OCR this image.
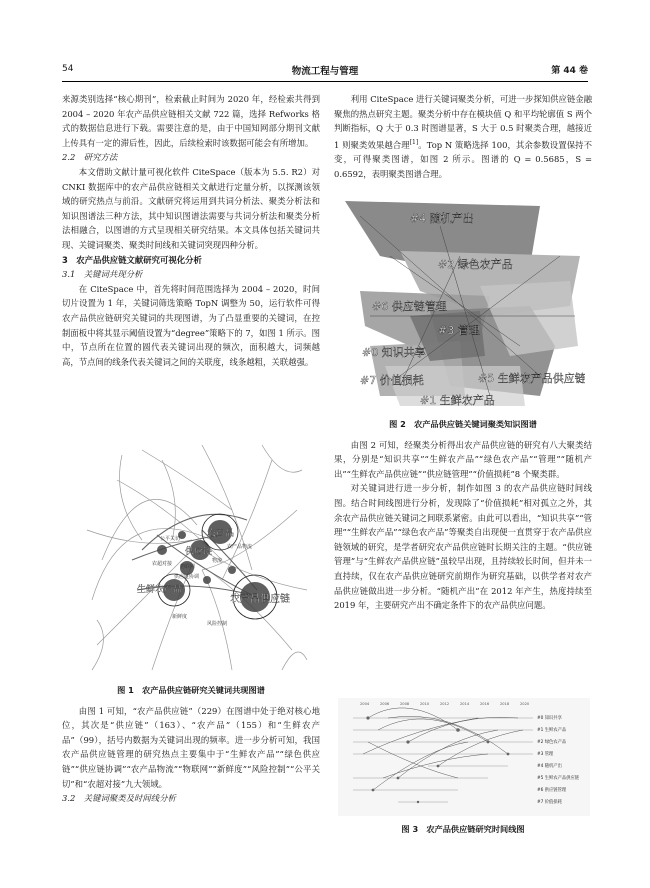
54	物流工程与管理	第 44 卷

来源类别选择“核心期刊”，检索截止时间为 2020 年，经检索共得到 2004 – 2020 年农产品供应链相关文献 722 篇，选择 Refworks 格式的数据信息进行下载。需要注意的是，由于中国知网部分期刊文献上传具有一定的滞后性，因此，后续检索时该数据可能会有所增加。

2.2　研究方法

本文借助文献计量可视化软件 CiteSpace（版本为 5.5. R2）对 CNKI 数据库中的农产品供应链相关文献进行定量分析，以探测该领域的研究热点与前沿。文献研究将运用到共词分析法、聚类分析法和知识图谱法三种方法，其中知识图谱法需要与共词分析法和聚类分析法相融合，以图谱的方式呈现相关研究结果。本文具体包括关键词共现、关键词聚类、聚类时间线和关键词突现四种分析。

3　农产品供应链文献研究可视化分析

3.1　关键词共现分析

在 CiteSpace 中，首先将时间范围选择为 2004 – 2020，时间切片设置为 1 年，关键词筛选策略 TopN 调整为 50，运行软件可得农产品供应链研究关键词的共现图谱，为了凸显重要的关键词，在控制面板中将其显示阈值设置为“degree”策略下的 7，如图 1 所示。图中，节点所在位置的圆代表关键词出现的频次，面积越大，词频越高，节点间的线条代表关键词之间的关联度，线条越粗，关联越强。

农产品
生鲜农产品
供应链
农产品供应链
农产品物流
物联网
农超对接
风险控制
新鲜度
公平关切
供应链协调
物流

图 1　农产品供应链研究关键词共现图谱

由图 1 可知，“农产品供应链”（229）在图谱中处于绝对核心地位，其次是“供应链”（163）、“农产品”（155）和“生鲜农产品”（99），括号内数据为关键词出现的频率。进一步分析可知，我国农产品供应链管理的研究热点主要集中于“生鲜农产品”“绿色供应链”“供应链协调”“农产品物流”“物联网”“新鲜度”“风险控制”“公平关切”和“农超对接”九大领域。

3.2　关键词聚类及时间线分析

利用 CiteSpace 进行关键词聚类分析，可进一步探知供应链金融聚焦的热点研究主题。聚类分析中存在模块值 Q 和平均轮廓值 S 两个判断指标，Q 大于 0.3 时图谱显著，S 大于 0.5 时聚类合理，越接近 1 则聚类效果越合理[1]。Top N 策略选择 100，其余参数设置保持不变，可得聚类图谱，如图 2 所示。图谱的 Q = 0.5685，S = 0.6592，表明聚类图谱合理。

#4 随机产出
#2 绿色农产品
#6 供应链管理
#3 管理
#0 知识共享
#5 生鲜农产品供应链
#7 价值损耗
#1 生鲜农产品

图 2　农产品供应链关键词聚类知识图谱

由图 2 可知，经聚类分析得出农产品供应链的研究有八大聚类结果，分别是“知识共享”“生鲜农产品”“绿色农产品”“管理”“随机产出”“生鲜农产品供应链”“供应链管理”“价值损耗”8 个聚类群。

对关键词进行进一步分析，制作如图 3 的农产品供应链时间线图。结合时间线图进行分析，发现除了“价值损耗”相对孤立之外，其余农产品供应链关键词之间联系紧密。由此可以看出，“知识共享”“管理”“生鲜农产品”“绿色农产品”等聚类自出现便一直贯穿于农产品供应链领域的研究，是学者研究农产品供应链时长期关注的主题。“供应链管理”与“生鲜农产品供应链”虽较早出现，且持续较长时间，但并未一直持续，仅在农产品供应链研究前期作为研究基础，以供学者对农产品供应链做出进一步分析。“随机产出”在 2012 年产生，热度持续至 2019 年，主要研究产出不确定条件下的农产品供应问题。

2004	2006	2008	2010	2012	2014	2016	2018	2020
#0 知识共享
#1 生鲜农产品
#2 绿色农产品
#3 管理
#4 随机产出
#5 生鲜农产品供应链
#6 供应链管理
#7 价值损耗

图 3　农产品供应链研究时间线图
